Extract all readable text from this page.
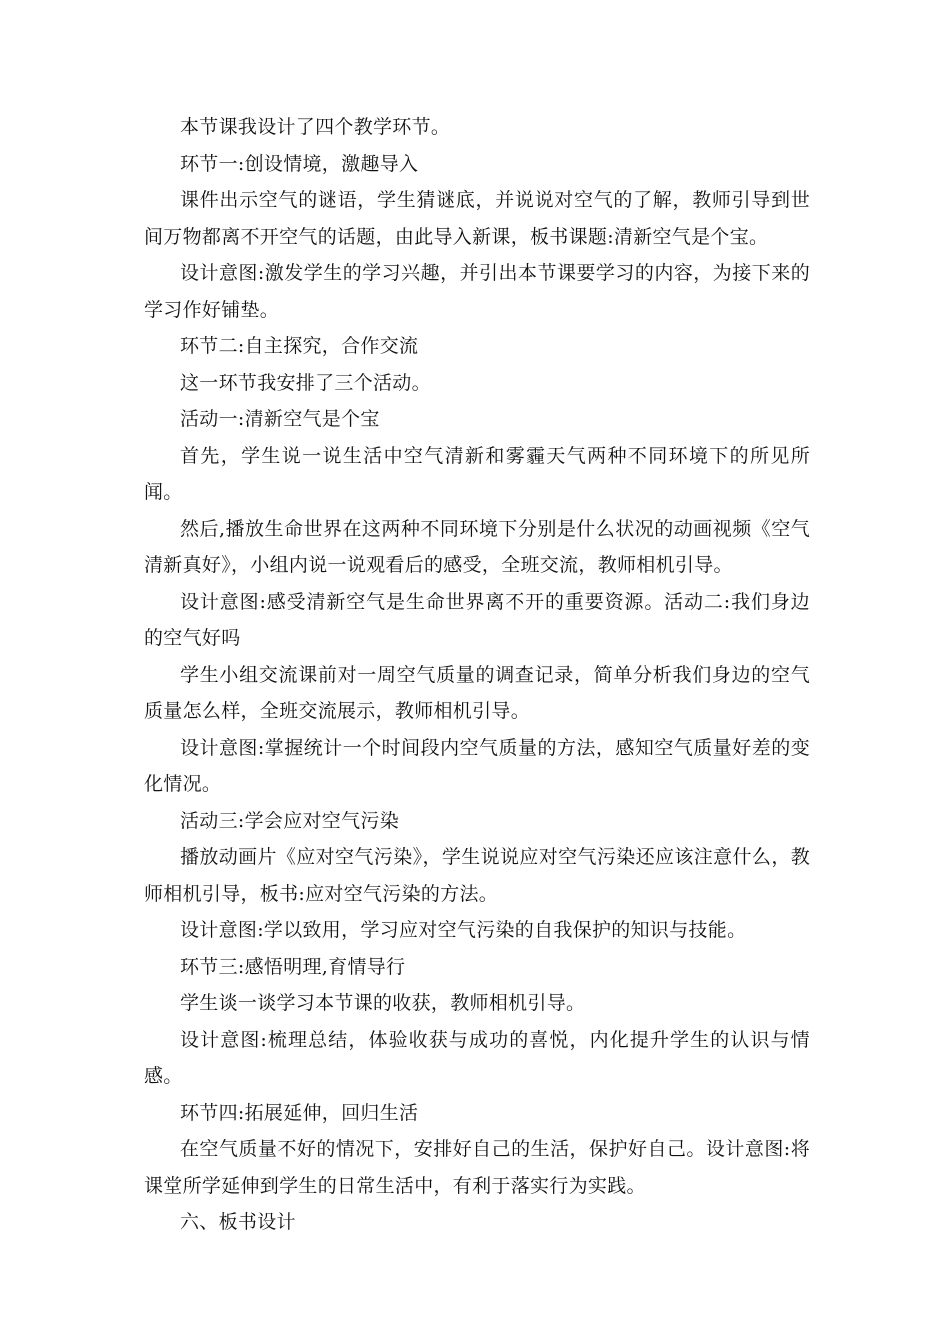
本节课我设计了四个教学环节。

环节一:创设情境，激趣导入

课件出示空气的谜语，学生猜谜底，并说说对空气的了解，教师引导到世间万物都离不开空气的话题，由此导入新课，板书课题:清新空气是个宝。

设计意图:激发学生的学习兴趣，并引出本节课要学习的内容，为接下来的学习作好铺垫。

环节二:自主探究，合作交流

这一环节我安排了三个活动。

活动一:清新空气是个宝

首先，学生说一说生活中空气清新和雾霾天气两种不同环境下的所见所闻。

然后,播放生命世界在这两种不同环境下分别是什么状况的动画视频《空气清新真好》，小组内说一说观看后的感受，全班交流，教师相机引导。

设计意图:感受清新空气是生命世界离不开的重要资源。活动二:我们身边的空气好吗

学生小组交流课前对一周空气质量的调查记录，简单分析我们身边的空气质量怎么样，全班交流展示，教师相机引导。

设计意图:掌握统计一个时间段内空气质量的方法，感知空气质量好差的变化情况。

活动三:学会应对空气污染

播放动画片《应对空气污染》，学生说说应对空气污染还应该注意什么，教师相机引导，板书:应对空气污染的方法。

设计意图:学以致用，学习应对空气污染的自我保护的知识与技能。

环节三:感悟明理,育情导行

学生谈一谈学习本节课的收获，教师相机引导。

设计意图:梳理总结，体验收获与成功的喜悦，内化提升学生的认识与情感。

环节四:拓展延伸，回归生活

在空气质量不好的情况下，安排好自己的生活，保护好自己。设计意图:将课堂所学延伸到学生的日常生活中，有利于落实行为实践。

六、板书设计
